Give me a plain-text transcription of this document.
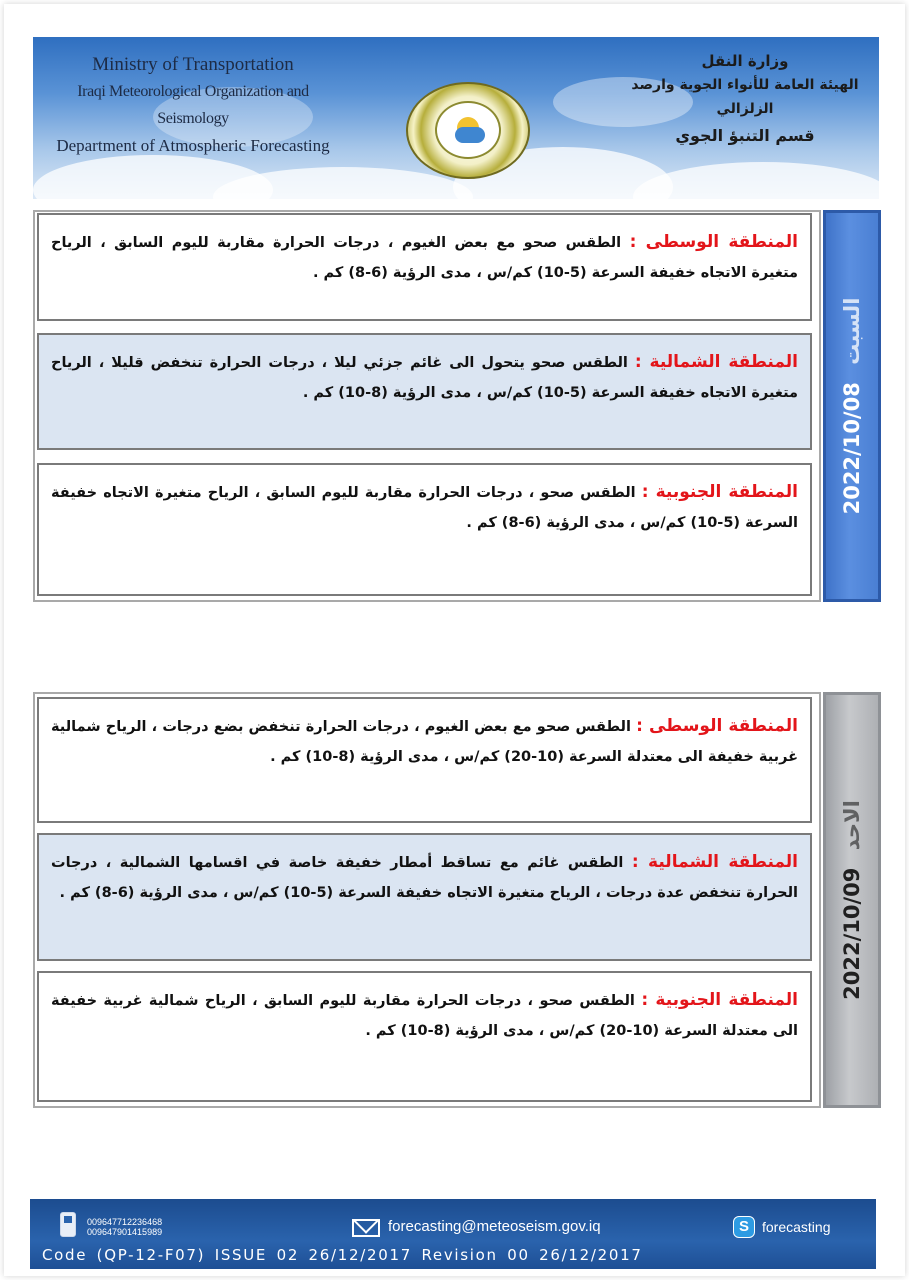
Ministry of Transportation
Iraqi Meteorological Organization and Seismology
Department of Atmospheric Forecasting
وزارة النقل
الهيئة العامة للأنواء الجوية وارصد الزلزالي
قسم التنبؤ الجوي
المنطقة الوسطى : الطقس صحو مع بعض الغيوم ، درجات الحرارة مقاربة لليوم السابق ، الرياح متغيرة الاتجاه خفيفة السرعة (5-10) كم/س ، مدى الرؤية (6-8) كم .
المنطقة الشمالية : الطقس صحو يتحول الى غائم جزئي ليلا ، درجات الحرارة تنخفض قليلا ، الرياح متغيرة الاتجاه خفيفة السرعة (5-10) كم/س ، مدى الرؤية (8-10) كم .
المنطقة الجنوبية : الطقس صحو ، درجات الحرارة مقاربة لليوم السابق ، الرياح متغيرة الاتجاه خفيفة السرعة (5-10) كم/س ، مدى الرؤية (6-8) كم .
2022/10/08 السبت
المنطقة الوسطى : الطقس صحو مع بعض الغيوم ، درجات الحرارة تنخفض بضع درجات ، الرياح شمالية غربية خفيفة الى معتدلة السرعة (10-20) كم/س ، مدى الرؤية (8-10) كم .
المنطقة الشمالية : الطقس غائم مع تساقط أمطار خفيفة خاصة في اقسامها الشمالية ، درجات الحرارة تنخفض عدة درجات ، الرياح متغيرة الاتجاه خفيفة السرعة (5-10) كم/س ، مدى الرؤية (6-8) كم .
المنطقة الجنوبية : الطقس صحو ، درجات الحرارة مقاربة لليوم السابق ، الرياح شمالية غربية خفيفة الى معتدلة السرعة (10-20) كم/س ، مدى الرؤية (8-10) كم .
2022/10/09 الاحد
009647712236468
009647901415989	forecasting@meteoseism.gov.iq	S forecasting
Code (QP-12-F07) ISSUE 02 26/12/2017 Revision 00 26/12/2017
